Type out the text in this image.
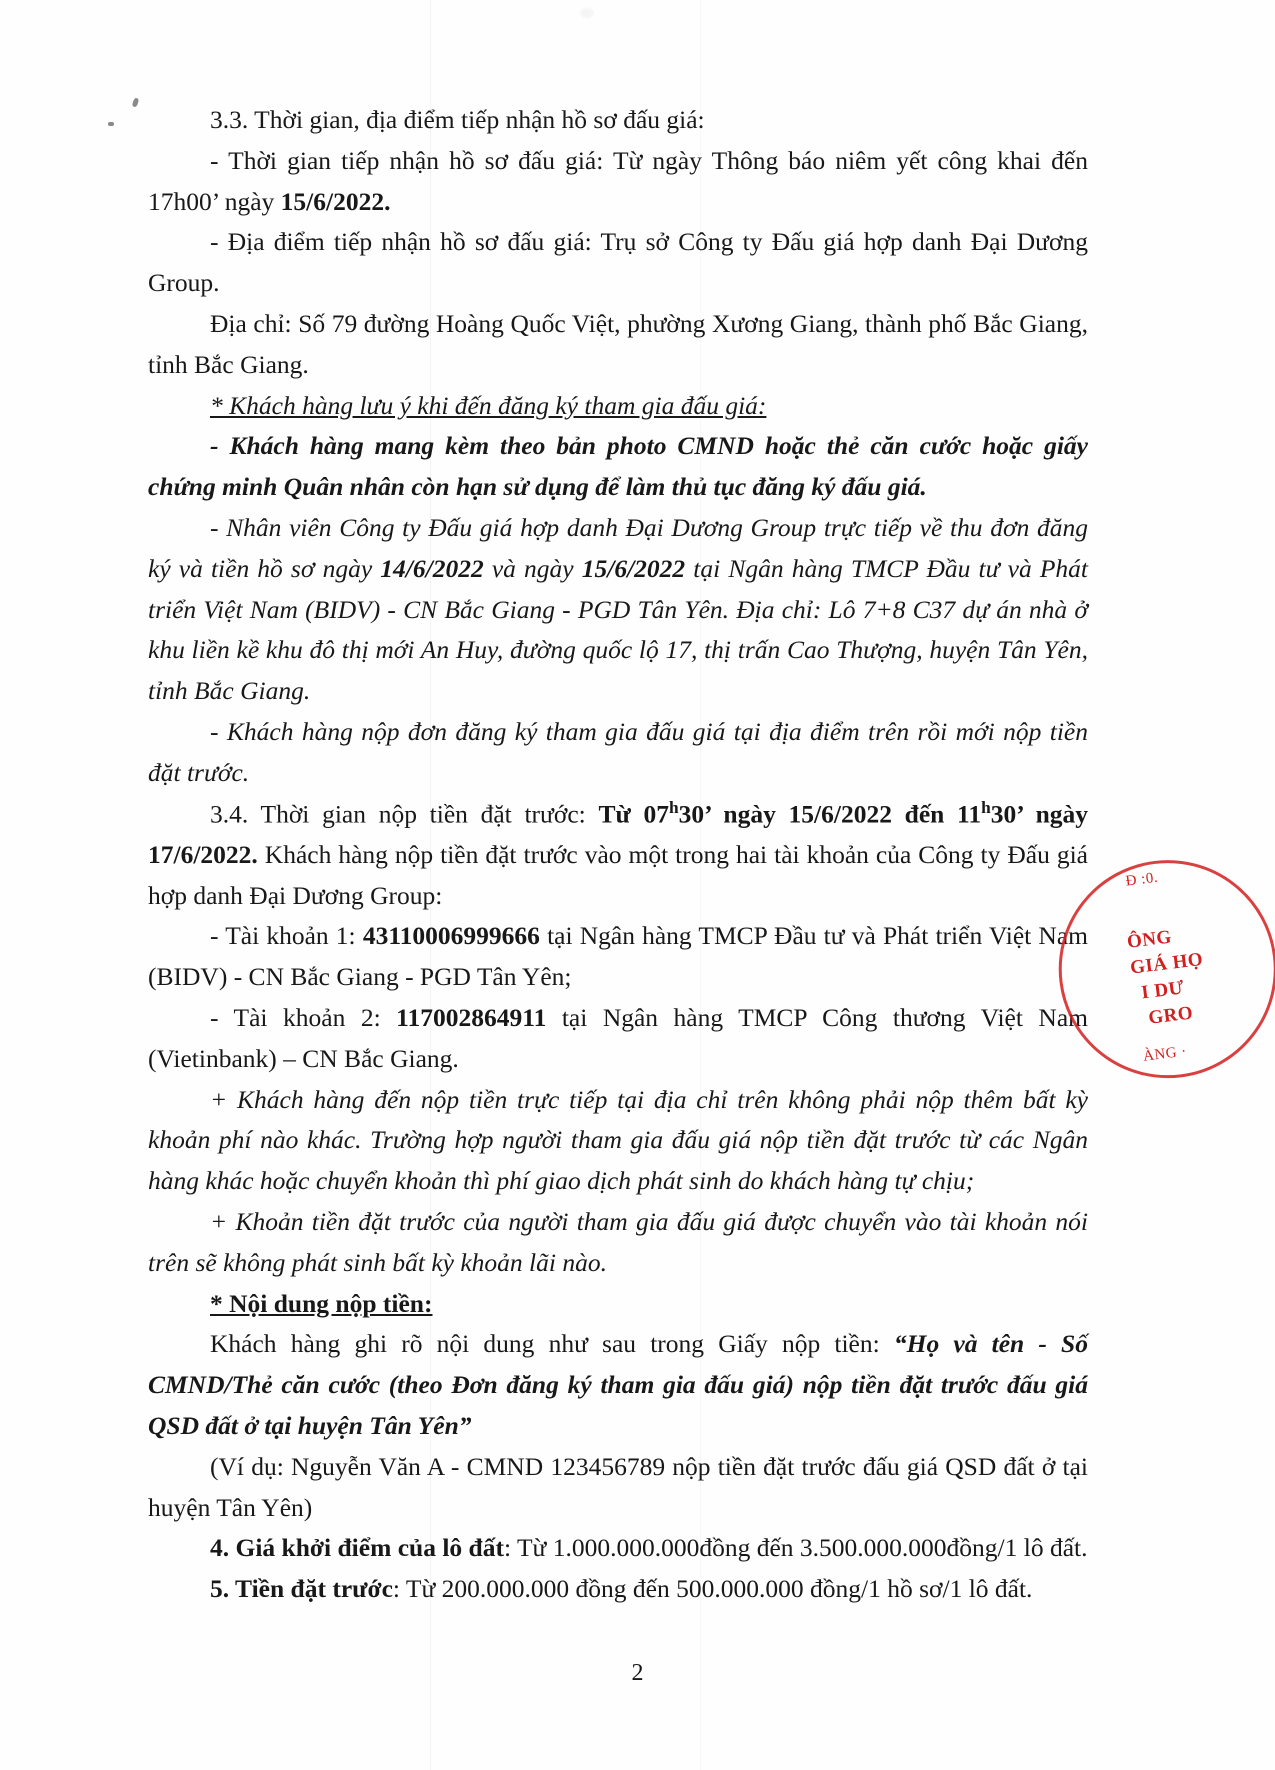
3.3. Thời gian, địa điểm tiếp nhận hồ sơ đấu giá:

- Thời gian tiếp nhận hồ sơ đấu giá: Từ ngày Thông báo niêm yết công khai đến 17h00’ ngày 15/6/2022.

- Địa điểm tiếp nhận hồ sơ đấu giá: Trụ sở Công ty Đấu giá hợp danh Đại Dương Group.

Địa chỉ: Số 79 đường Hoàng Quốc Việt, phường Xương Giang, thành phố Bắc Giang, tỉnh Bắc Giang.

* Khách hàng lưu ý khi đến đăng ký tham gia đấu giá:

- Khách hàng mang kèm theo bản photo CMND hoặc thẻ căn cước hoặc giấy chứng minh Quân nhân còn hạn sử dụng để làm thủ tục đăng ký đấu giá.

- Nhân viên Công ty Đấu giá hợp danh Đại Dương Group trực tiếp về thu đơn đăng ký và tiền hồ sơ ngày 14/6/2022 và ngày 15/6/2022 tại Ngân hàng TMCP Đầu tư và Phát triển Việt Nam (BIDV) - CN Bắc Giang - PGD Tân Yên. Địa chỉ: Lô 7+8 C37 dự án nhà ở khu liền kề khu đô thị mới An Huy, đường quốc lộ 17, thị trấn Cao Thượng, huyện Tân Yên, tỉnh Bắc Giang.

- Khách hàng nộp đơn đăng ký tham gia đấu giá tại địa điểm trên rồi mới nộp tiền đặt trước.

3.4. Thời gian nộp tiền đặt trước: Từ 07$^h$30’ ngày 15/6/2022 đến 11$^h$30’ ngày 17/6/2022. Khách hàng nộp tiền đặt trước vào một trong hai tài khoản của Công ty Đấu giá hợp danh Đại Dương Group:

- Tài khoản 1: 43110006999666 tại Ngân hàng TMCP Đầu tư và Phát triển Việt Nam (BIDV) - CN Bắc Giang - PGD Tân Yên;

- Tài khoản 2: 117002864911 tại Ngân hàng TMCP Công thương Việt Nam (Vietinbank) – CN Bắc Giang.

+ Khách hàng đến nộp tiền trực tiếp tại địa chỉ trên không phải nộp thêm bất kỳ khoản phí nào khác. Trường hợp người tham gia đấu giá nộp tiền đặt trước từ các Ngân hàng khác hoặc chuyển khoản thì phí giao dịch phát sinh do khách hàng tự chịu;

+ Khoản tiền đặt trước của người tham gia đấu giá được chuyển vào tài khoản nói trên sẽ không phát sinh bất kỳ khoản lãi nào.

* Nội dung nộp tiền:

Khách hàng ghi rõ nội dung như sau trong Giấy nộp tiền: “Họ và tên - Số CMND/Thẻ căn cước (theo Đơn đăng ký tham gia đấu giá) nộp tiền đặt trước đấu giá QSD đất ở tại huyện Tân Yên”

(Ví dụ: Nguyễn Văn A - CMND 123456789 nộp tiền đặt trước đấu giá QSD đất ở tại huyện Tân Yên)

4. Giá khởi điểm của lô đất: Từ 1.000.000.000đồng đến 3.500.000.000đồng/1 lô đất.

5. Tiền đặt trước: Từ 200.000.000 đồng đến 500.000.000 đồng/1 hồ sơ/1 lô đất.

Đ :0.
ÔNG
GIÁ HỌ
I DƯ
GRO
ÀNG ·
2
